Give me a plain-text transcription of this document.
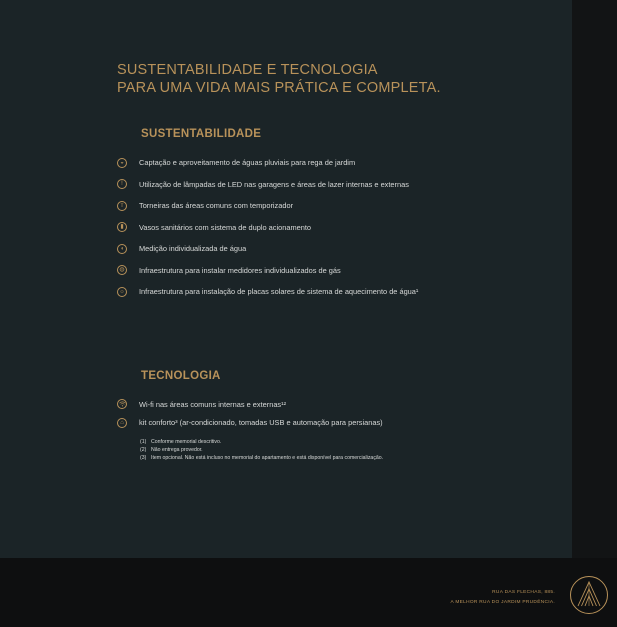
SUSTENTABILIDADE E TECNOLOGIA
PARA UMA VIDA MAIS PRÁTICA E COMPLETA.
SUSTENTABILIDADE
◒	Captação e aproveitamento de águas pluviais para rega de jardim
!	Utilização de lâmpadas de LED nas garagens e áreas de lazer internas e externas
ᴛ	Torneiras das áreas comuns com temporizador
▮	Vasos sanitários com sistema de duplo acionamento
◖	Medição individualizada de água
◍	Infraestrutura para instalar medidores individualizados de gás
☼	Infraestrutura para instalação de placas solares de sistema de aquecimento de água¹
TECNOLOGIA
Wi-fi nas áreas comuns internas e externas¹²
⌂	kit conforto³ (ar-condicionado, tomadas USB e automação para persianas)
(1) Conforme memorial descritivo.
(2) Não entrega provedor.
(3) Item opcional. Não está incluso no memorial do apartamento e está disponível para comercialização.
RUA DAS FLECHAS, 885.
A MELHOR RUA DO JARDIM PRUDÊNCIA.
